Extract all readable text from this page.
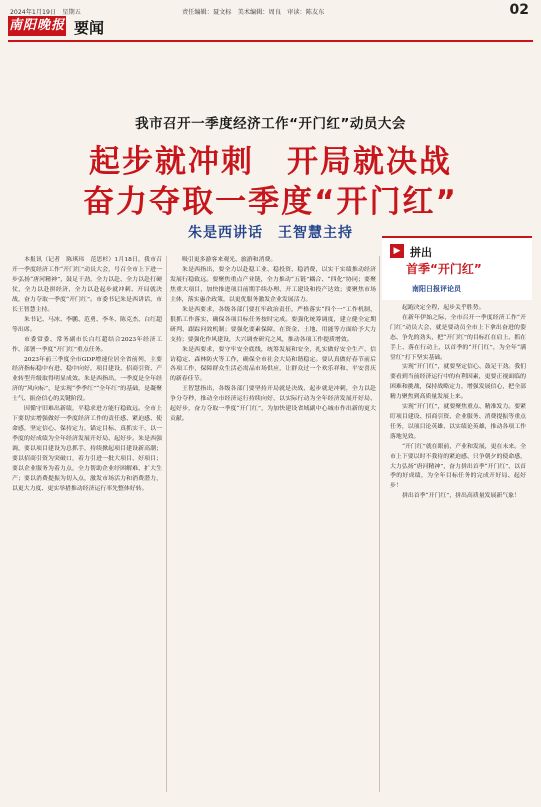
2024年1月19日　星期五	责任编辑：聂文标　美术编辑：周良　审读：陈友东	02
南阳晚报 要闻
我市召开一季度经济工作“开门红”动员大会
起步就冲刺　开局就决战
奋力夺取一季度“开门红”
朱是西讲话　王智慧主持

本报讯（记者　陈琪玮　范思杉）1月18日，我市召开一季度经济工作“开门红”动员大会，号召全市上下进一步弘扬“唐河精神”，鼓足干劲，全力以赴、全力以赴打硬仗，全力以赴拼经济，全力以赴起步就冲刺、开局就决战，奋力夺取一季度“开门红”。市委书记朱是西讲话，市长王智慧主持。

朱书记、马冰、李鹏、范勇、李冬、陈克杰、白红超等出席。

市委常委、常务副市长白红超结合2023年经济工作、部署一季度“开门红”重点任务。

2023年前三季度全市GDP增速位居全省前列，主要经济指标稳中有进、稳中向好，项目建设、招商引资、产业转型升级取得明显成效。朱是西指出，一季度是全年经济的“风向标”，是实现“季季红”“全年红”的基础，是凝聚士气、振奋信心的关键阶段。

因循守旧难出新绩，平稳求进方能行稳致远。全市上下要切实增强做好一季度经济工作的责任感、紧迫感、使命感，坚定信心、保持定力，锚定目标、真抓实干，以一季度的好成绩为全年经济发展开好局、起好步。朱是西强调，要以项目建设为总抓手，持续掀起项目建设新高潮；要以招商引资为突破口，着力引进一批大项目、好项目；要以企业服务为着力点，全力帮助企业纾困解难、扩大生产；要以消费提振为切入点，激发市场活力和消费潜力，以更大力度、更实举措推动经济运行率先整体好转。

吸引更多游客来观光、旅游和消费。

朱是西指出，要全力以赴稳工业、稳投资、稳消费，以实干实绩推动经济发展行稳致远。要聚焦重点产业链，全力推动“五链”耦合、“四化”协同；要聚焦重大项目，加快推进项目前期手续办理、开工建设和投产达效；要聚焦市场主体，落实惠企政策，以更优服务激发企业发展活力。

朱是西要求，各级各部门要扛牢政治责任，严格落实“四个一”工作机制，狠抓工作落实，确保各项目标任务按时完成。要强化统筹调度，建立健全定期研判、跟踪问效机制；要强化要素保障，在资金、土地、用能等方面给予大力支持；要强化作风建设，大兴调查研究之风，推动各项工作提质增效。

朱是西要求，要守牢安全底线，统筹发展和安全，扎实做好安全生产、信访稳定、森林防火等工作，确保全市社会大局和谐稳定。要认真做好春节前后各项工作，保障群众生活必需品市场供应，让群众过一个欢乐祥和、平安喜庆的新春佳节。

王智慧指出，各级各部门要坚持开局就是决战、起步就是冲刺，全力以赴争分夺秒，推动全市经济运行持续向好，以实际行动为全年经济发展开好局、起好步，奋力夺取一季度“开门红”，为加快建设省域副中心城市作出新的更大贡献。

▶ 拼出
首季“开门红”
南阳日报评论员

起跑决定全程，起步关乎胜势。

在新年伊始之际，全市召开一季度经济工作“开门红”动员大会，就是要动员全市上下拿出奋进的姿态、争先的劲头，把“开门红”的目标扛在肩上、抓在手上、落在行动上，以首季的“开门红”，为全年“满堂红”打下坚实基础。

实现“开门红”，就要坚定信心、鼓足干劲。我们要看到当前经济运行中的有利因素，更要正视面临的困难和挑战，保持战略定力，增强发展信心，把全部精力聚焦到高质量发展上来。

实现“开门红”，就要聚焦重点、精准发力。要紧盯项目建设、招商引资、企业服务、消费提振等重点任务，以项目论英雄、以实绩论英雄，推动各项工作落地见效。

“开门红”就在眼前，产业和发展，更在未来。全市上下要以时不我待的紧迫感、只争朝夕的使命感，大力弘扬“唐河精神”，奋力拼出首季“开门红”，以首季的好成绩，为全年目标任务的完成开好局、起好步！

拼出首季“开门红”，拼出高质量发展新气象！
